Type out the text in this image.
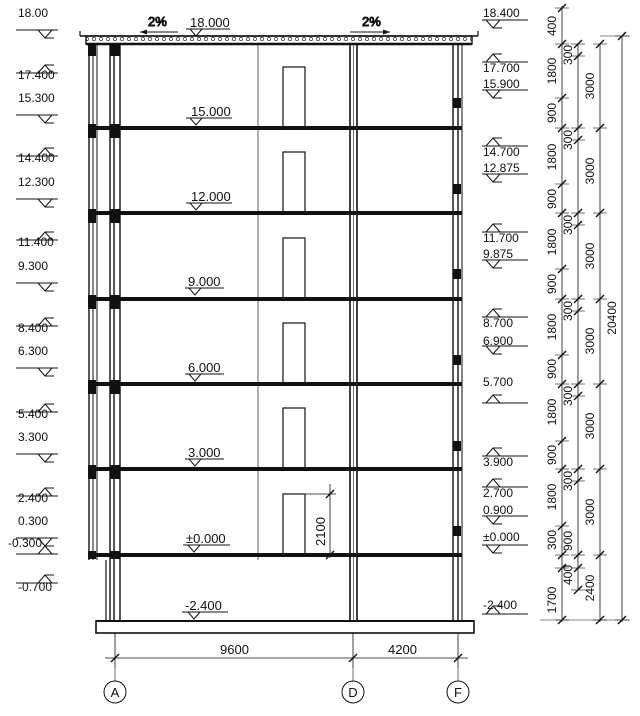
2%	2%
18.000
15.000
12.000
9.000
6.000
3.000
±0.000
-2.400
2100
18.00
17.400
15.300
14.400
12.300
11.400
9.300
8.400
6.300
5.400
3.300
2.400
0.300
-0.300
-0.700
18.400
17.700
15.900
14.700
12.875
11.700
9.875
8.700
6.900
5.700
3.900
2.700
0.900
±0.000
-2.400
400
1800
900
1800
900
1800
900
1800
900
1800
900
1800
300
1700
300
300
300
300
300
300
900
400
3000
3000
3000
3000
3000
3000
2400
20400
9600	4200
A	D	F
